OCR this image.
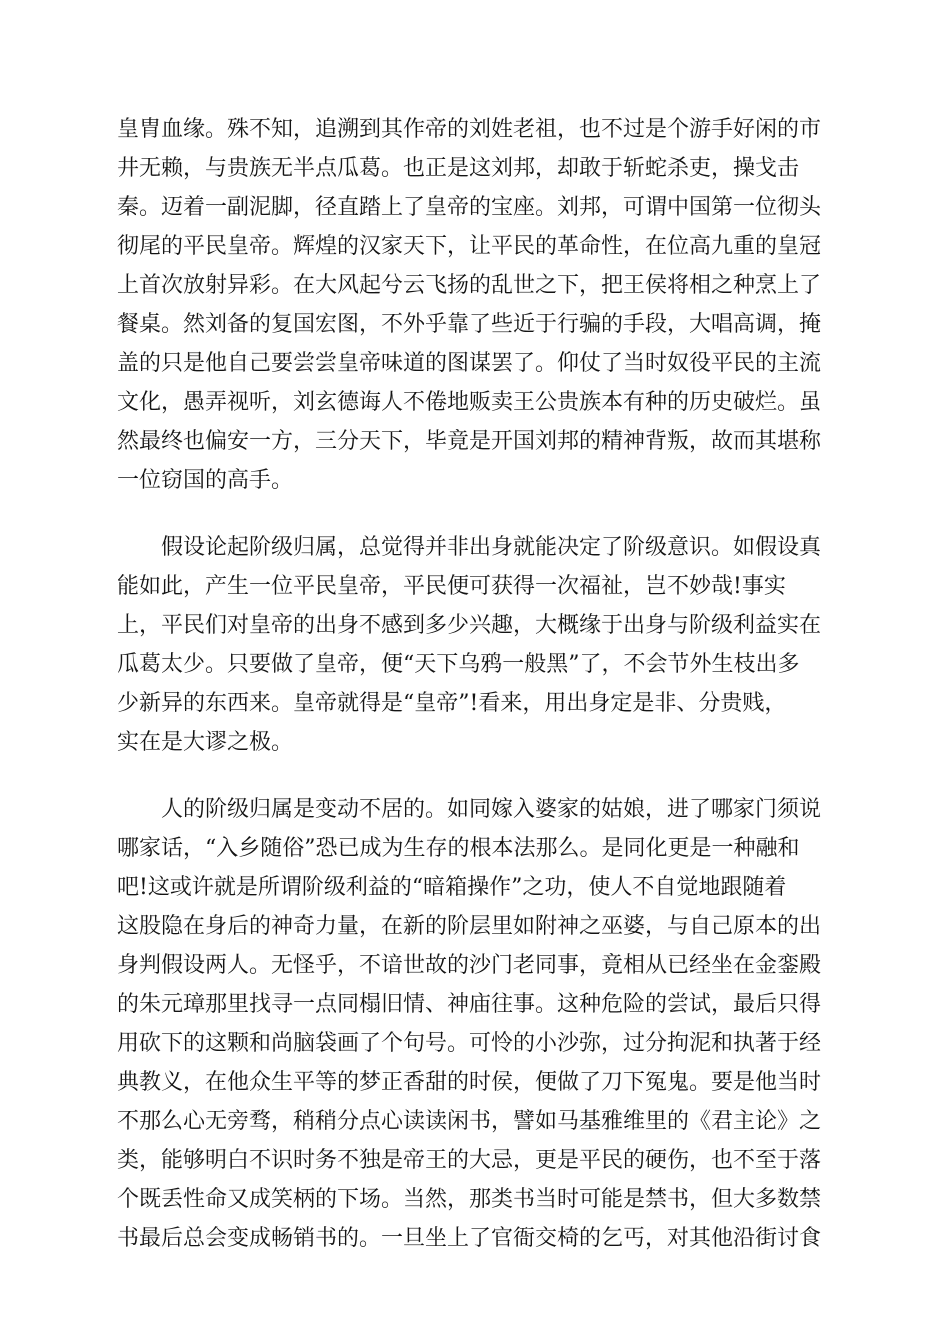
皇胄血缘。殊不知，追溯到其作帝的刘姓老祖，也不过是个游手好闲的市
井无赖，与贵族无半点瓜葛。也正是这刘邦，却敢于斩蛇杀吏，操戈击
秦。迈着一副泥脚，径直踏上了皇帝的宝座。刘邦，可谓中国第一位彻头
彻尾的平民皇帝。辉煌的汉家天下，让平民的革命性，在位高九重的皇冠
上首次放射异彩。在大风起兮云飞扬的乱世之下，把王侯将相之种烹上了
餐桌。然刘备的复国宏图，不外乎靠了些近于行骗的手段，大唱高调，掩
盖的只是他自己要尝尝皇帝味道的图谋罢了。仰仗了当时奴役平民的主流
文化，愚弄视听，刘玄德诲人不倦地贩卖王公贵族本有种的历史破烂。虽
然最终也偏安一方，三分天下，毕竟是开国刘邦的精神背叛，故而其堪称
一位窃国的高手。
　　假设论起阶级归属，总觉得并非出身就能决定了阶级意识。如假设真
能如此，产生一位平民皇帝，平民便可获得一次福祉，岂不妙哉!事实
上，平民们对皇帝的出身不感到多少兴趣，大概缘于出身与阶级利益实在
瓜葛太少。只要做了皇帝，便“天下乌鸦一般黑”了，不会节外生枝出多
少新异的东西来。皇帝就得是“皇帝”!看来，用出身定是非、分贵贱，
实在是大谬之极。
　　人的阶级归属是变动不居的。如同嫁入婆家的姑娘，进了哪家门须说
哪家话，“入乡随俗”恐已成为生存的根本法那么。是同化更是一种融和
吧!这或许就是所谓阶级利益的“暗箱操作”之功，使人不自觉地跟随着
这股隐在身后的神奇力量，在新的阶层里如附神之巫婆，与自己原本的出
身判假设两人。无怪乎，不谙世故的沙门老同事，竟相从已经坐在金銮殿
的朱元璋那里找寻一点同榻旧情、神庙往事。这种危险的尝试，最后只得
用砍下的这颗和尚脑袋画了个句号。可怜的小沙弥，过分拘泥和执著于经
典教义，在他众生平等的梦正香甜的时侯，便做了刀下冤鬼。要是他当时
不那么心无旁骛，稍稍分点心读读闲书，譬如马基雅维里的《君主论》之
类，能够明白不识时务不独是帝王的大忌，更是平民的硬伤，也不至于落
个既丢性命又成笑柄的下场。当然，那类书当时可能是禁书，但大多数禁
书最后总会变成畅销书的。一旦坐上了官衙交椅的乞丐，对其他沿街讨食
